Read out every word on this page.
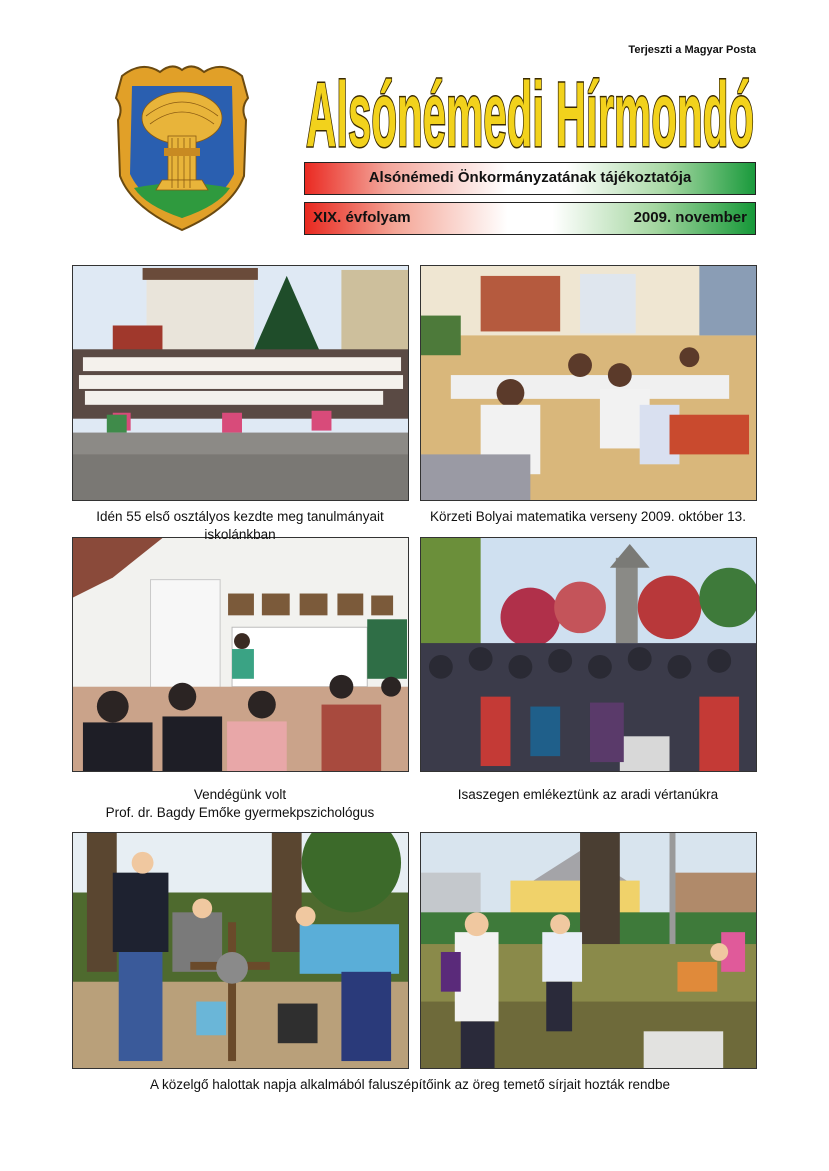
Terjeszti a Magyar Posta
Alsónémedi Hírmondó
Alsónémedi Önkormányzatának tájékoztatója
XIX. évfolyam	2009. november
Idén 55 első osztályos kezdte meg tanulmányait iskolánkban
Körzeti Bolyai matematika verseny 2009. október 13.
Vendégünk volt
Prof. dr. Bagdy Emőke gyermekpszichológus
Isaszegen emlékeztünk az aradi vértanúkra
A közelgő halottak napja alkalmából faluszépítőink az öreg temető sírjait hozták rendbe
